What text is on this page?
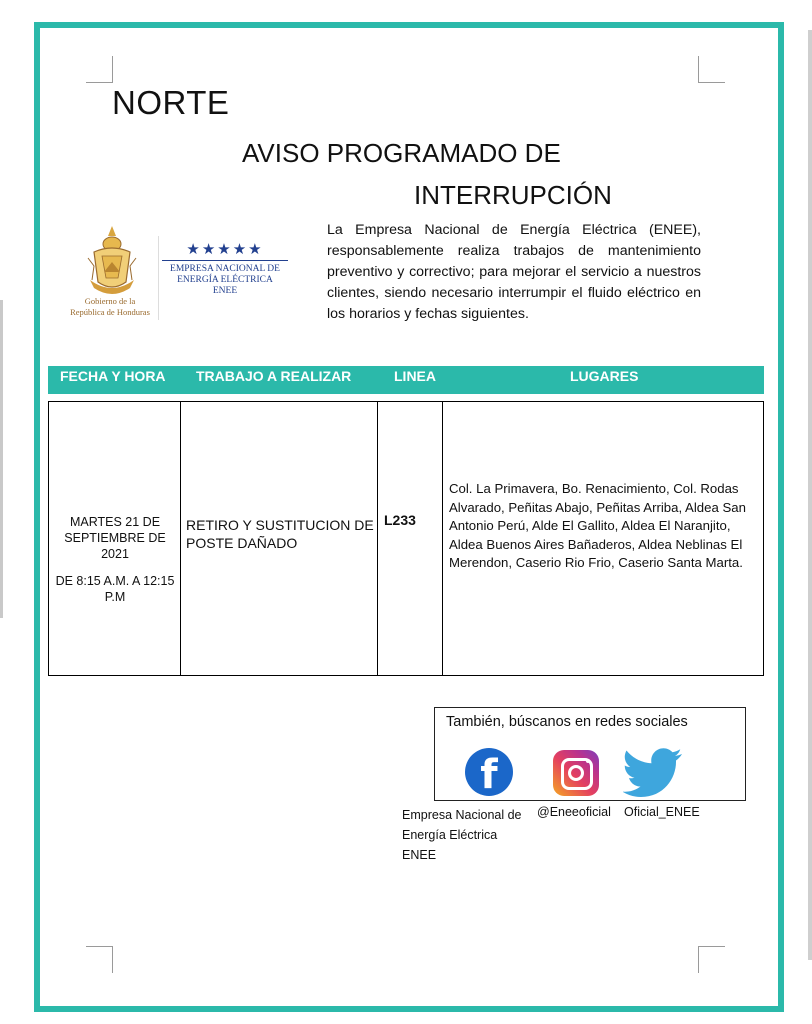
NORTE
AVISO PROGRAMADO DE
INTERRUPCIÓN
Gobierno de la
República de Honduras
★★★★★
EMPRESA NACIONAL DE
ENERGÍA ELÉCTRICA
ENEE

La Empresa Nacional de Energía Eléctrica (ENEE), responsablemente realiza trabajos de mantenimiento preventivo y correctivo; para mejorar el servicio a nuestros clientes, siendo necesario interrumpir el fluido eléctrico en los horarios y fechas siguientes.

FECHA Y HORA TRABAJO A REALIZAR	LINEA	LUGARES
MARTES 21 DE SEPTIEMBRE DE 2021
DE 8:15 A.M. A 12:15 P.M
RETIRO Y SUSTITUCION DE POSTE DAÑADO
L233
Col. La Primavera, Bo. Renacimiento, Col. Rodas Alvarado, Peñitas Abajo, Peñitas Arriba, Aldea San Antonio Perú, Alde El Gallito, Aldea El Naranjito, Aldea Buenos Aires Bañaderos, Aldea Neblinas El Merendon, Caserio Rio Frio, Caserio Santa Marta.
También, búscanos en redes sociales
f
Empresa Nacional de
Energía Eléctrica
ENEE
@Eneeoficial Oficial_ENEE
